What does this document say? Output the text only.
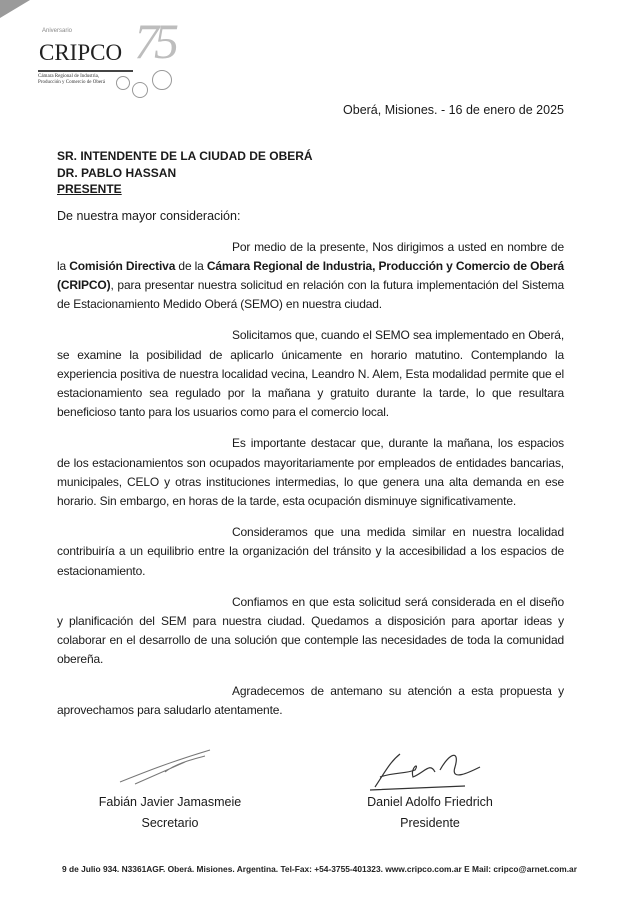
75
Aniversario
CRIPCO
Cámara Regional de Industria, Producción y Comercio de Oberá
Oberá, Misiones. - 16 de enero de 2025
SR. INTENDENTE DE LA CIUDAD DE OBERÁ
DR. PABLO HASSAN
PRESENTE
De nuestra mayor consideración:
Por medio de la presente, Nos dirigimos a usted en nombre de la Comisión Directiva de la Cámara Regional de Industria, Producción y Comercio de Oberá (CRIPCO), para presentar nuestra solicitud en relación con la futura implementación del Sistema de Estacionamiento Medido Oberá (SEMO) en nuestra ciudad.
Solicitamos que, cuando el SEMO sea implementado en Oberá, se examine la posibilidad de aplicarlo únicamente en horario matutino. Contemplando la experiencia positiva de nuestra localidad vecina, Leandro N. Alem, Esta modalidad permite que el estacionamiento sea regulado por la mañana y gratuito durante la tarde, lo que resultara beneficioso tanto para los usuarios como para el comercio local.
Es importante destacar que, durante la mañana, los espacios de los estacionamientos son ocupados mayoritariamente por empleados de entidades bancarias, municipales, CELO y otras instituciones intermedias, lo que genera una alta demanda en ese horario. Sin embargo, en horas de la tarde, esta ocupación disminuye significativamente.
Consideramos que una medida similar en nuestra localidad contribuiría a un equilibrio entre la organización del tránsito y la accesibilidad a los espacios de estacionamiento.
Confiamos en que esta solicitud será considerada en el diseño y planificación del SEM para nuestra ciudad. Quedamos a disposición para aportar ideas y colaborar en el desarrollo de una solución que contemple las necesidades de toda la comunidad obereña.
Agradecemos de antemano su atención a esta propuesta y aprovechamos para saludarlo atentamente.
Fabián Javier Jamasmeie
Secretario
Daniel Adolfo Friedrich
Presidente
9 de Julio 934. N3361AGF. Oberá. Misiones. Argentina. Tel-Fax: +54-3755-401323. www.cripco.com.ar E Mail: cripco@arnet.com.ar
